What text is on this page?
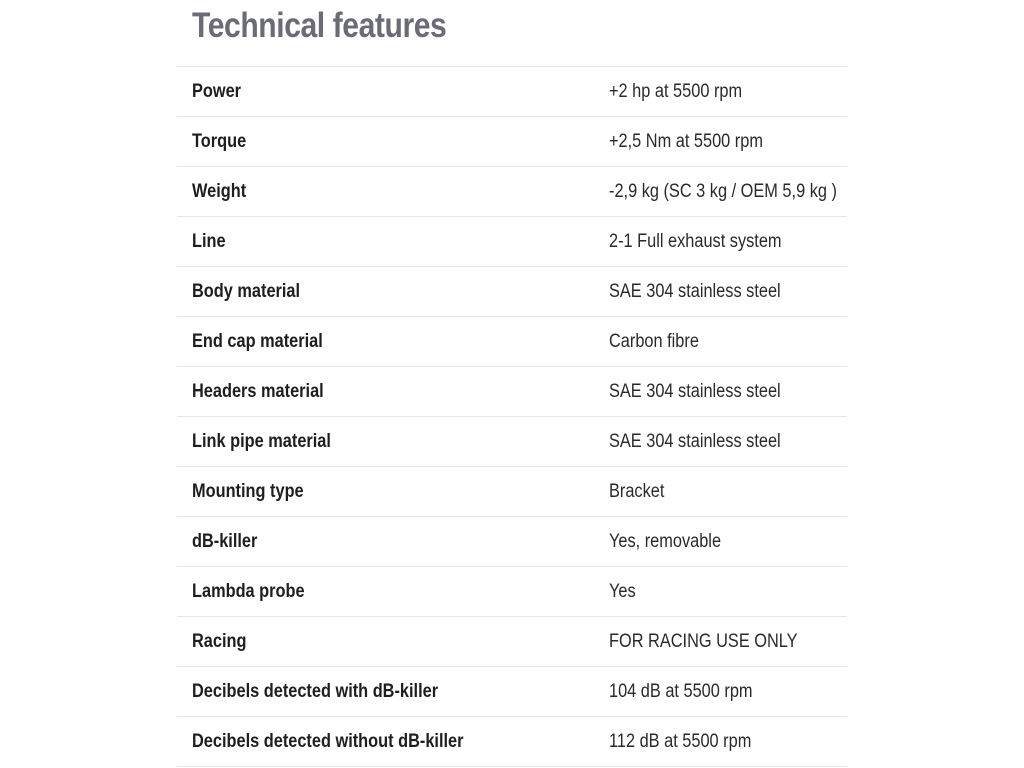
Technical features
Power	+2 hp at 5500 rpm
Torque	+2,5 Nm at 5500 rpm
Weight	-2,9 kg (SC 3 kg / OEM 5,9 kg )
Line	2-1 Full exhaust system
Body material	SAE 304 stainless steel
End cap material	Carbon fibre
Headers material	SAE 304 stainless steel
Link pipe material	SAE 304 stainless steel
Mounting type	Bracket
dB-killer	Yes, removable
Lambda probe	Yes
Racing	FOR RACING USE ONLY
Decibels detected with dB-killer	104 dB at 5500 rpm
Decibels detected without dB-killer	112 dB at 5500 rpm
